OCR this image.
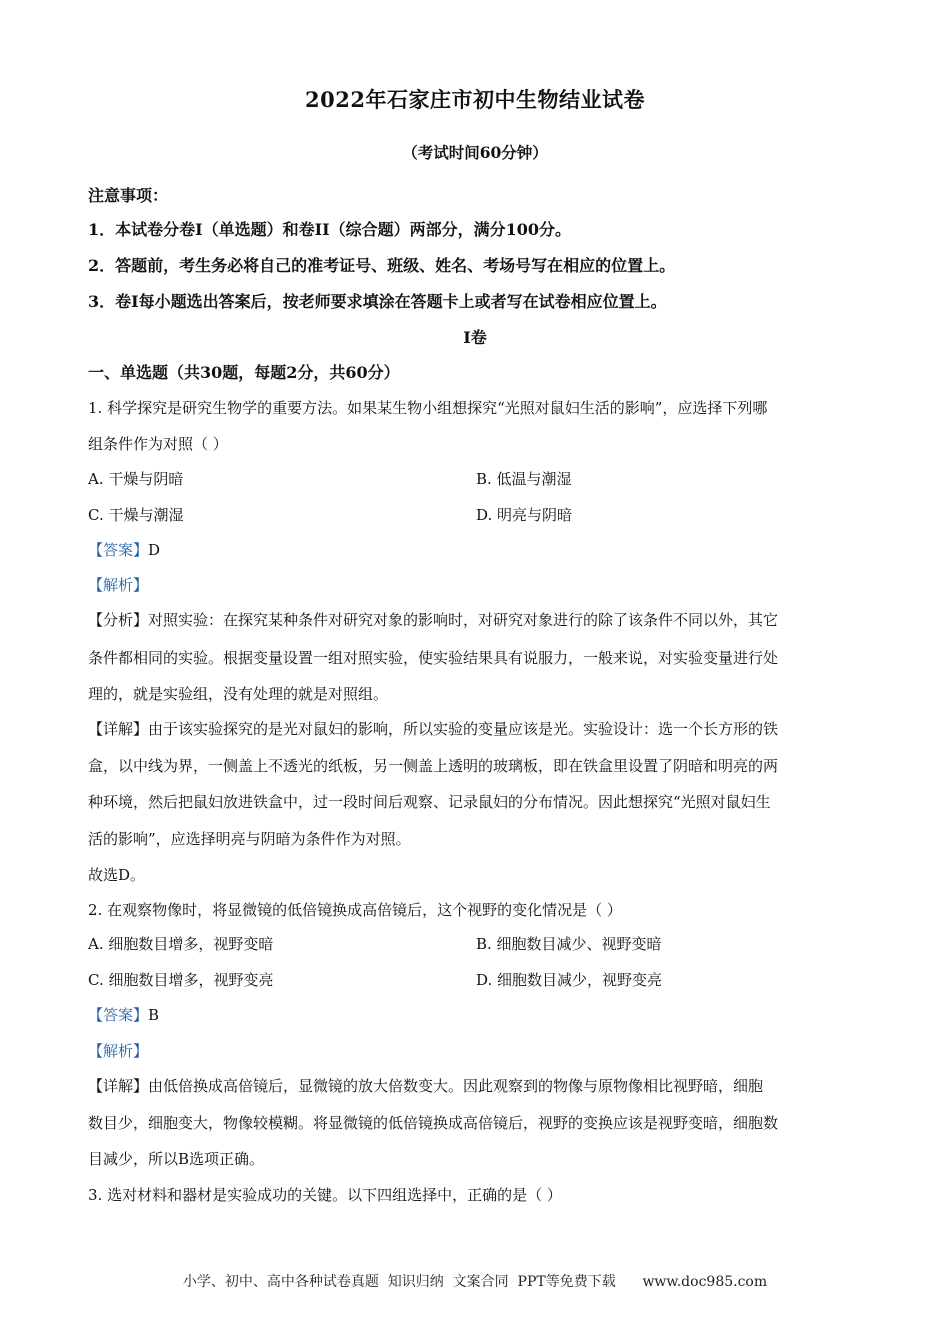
2022年石家庄市初中生物结业试卷
（考试时间60分钟）
注意事项：
1．本试卷分卷I（单选题）和卷II（综合题）两部分，满分100分。
2．答题前，考生务必将自己的准考证号、班级、姓名、考场号写在相应的位置上。
3．卷I每小题选出答案后，按老师要求填涂在答题卡上或者写在试卷相应位置上。
Ⅰ卷
一、单选题（共30题，每题2分，共60分）
1. 科学探究是研究生物学的重要方法。如果某生物小组想探究“光照对鼠妇生活的影响”，应选择下列哪
组条件作为对照（ ）
A. 干燥与阴暗	B. 低温与潮湿
C. 干燥与潮湿	D. 明亮与阴暗
【答案】D
【解析】
【分析】对照实验：在探究某种条件对研究对象的影响时，对研究对象进行的除了该条件不同以外，其它
条件都相同的实验。根据变量设置一组对照实验，使实验结果具有说服力，一般来说，对实验变量进行处
理的，就是实验组，没有处理的就是对照组。
【详解】由于该实验探究的是光对鼠妇的影响，所以实验的变量应该是光。实验设计：选一个长方形的铁
盒，以中线为界，一侧盖上不透光的纸板，另一侧盖上透明的玻璃板，即在铁盒里设置了阴暗和明亮的两
种环境，然后把鼠妇放进铁盒中，过一段时间后观察、记录鼠妇的分布情况。因此想探究“光照对鼠妇生
活的影响”，应选择明亮与阴暗为条件作为对照。
故选D。
2. 在观察物像时，将显微镜的低倍镜换成高倍镜后，这个视野的变化情况是（ ）
A. 细胞数目增多，视野变暗	B. 细胞数目减少、视野变暗
C. 细胞数目增多，视野变亮	D. 细胞数目减少，视野变亮
【答案】B
【解析】
【详解】由低倍换成高倍镜后，显微镜的放大倍数变大。因此观察到的物像与原物像相比视野暗，细胞
数目少，细胞变大，物像较模糊。将显微镜的低倍镜换成高倍镜后，视野的变换应该是视野变暗，细胞数
目减少，所以B选项正确。
3. 选对材料和器材是实验成功的关键。以下四组选择中，正确的是（ ）
小学、初中、高中各种试卷真题  知识归纳  文案合同  PPT等免费下载      www.doc985.com
